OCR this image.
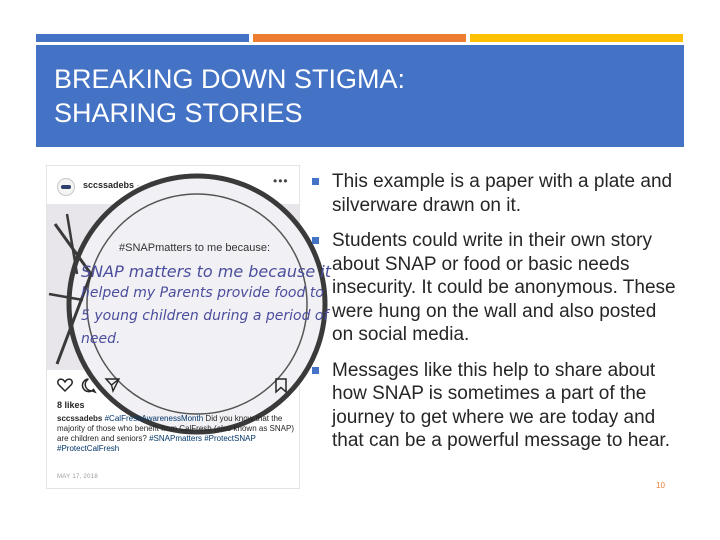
BREAKING DOWN STIGMA:
SHARING STORIES
sccssadebs ·	•••
#SNAPmatters to me because:
SNAP matters to me because it
helped my Parents provide food to
5 young children during a period of
need.
8 likes
sccssadebs #CalFreshAwarenessMonth Did you know that the majority of those who benefit from CalFresh (also known as SNAP) are children and seniors? #SNAPmatters #ProtectSNAP #ProtectCalFresh
MAY 17, 2018
This example is a paper with a plate and silverware drawn on it.
Students could write in their own story about SNAP or food or basic needs insecurity. It could be anonymous. These were hung on the wall and also posted on social media.
Messages like this help to share about how SNAP is sometimes a part of the journey to get where we are today and that can be a powerful message to hear.
10
